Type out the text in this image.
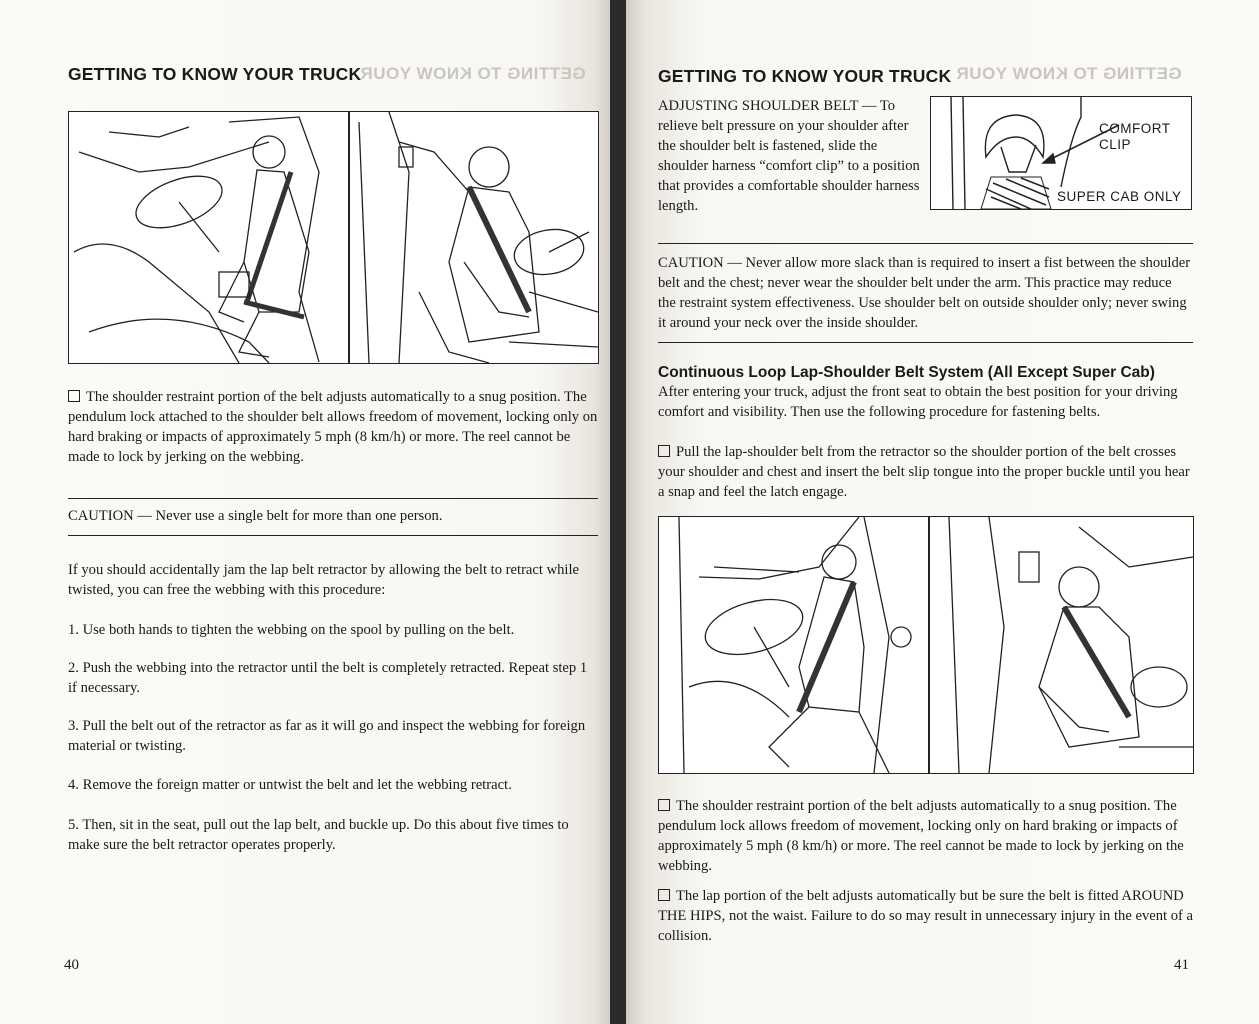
GETTING TO KNOW YOUR
GETTING TO KNOW YOUR TRUCK

The shoulder restraint portion of the belt adjusts automatically to a snug position. The pendulum lock attached to the shoulder belt allows freedom of movement, locking only on hard braking or impacts of approximately 5 mph (8 km/h) or more. The reel cannot be made to lock by jerking on the webbing.

CAUTION — Never use a single belt for more than one person.

If you should accidentally jam the lap belt retractor by allowing the belt to retract while twisted, you can free the webbing with this procedure:

1. Use both hands to tighten the webbing on the spool by pulling on the belt.

2. Push the webbing into the retractor until the belt is completely retracted. Repeat step 1 if necessary.

3. Pull the belt out of the retractor as far as it will go and inspect the webbing for foreign material or twisting.

4. Remove the foreign matter or untwist the belt and let the webbing retract.

5. Then, sit in the seat, pull out the lap belt, and buckle up. Do this about five times to make sure the belt retractor operates properly.

40
GETTING TO KNOW YOUR
GETTING TO KNOW YOUR TRUCK

ADJUSTING SHOULDER BELT — To relieve belt pressure on your shoulder after the shoulder belt is fastened, slide the shoulder harness “comfort clip” to a position that provides a comfortable shoulder harness length.

COMFORT
CLIP
SUPER CAB ONLY

CAUTION — Never allow more slack than is required to insert a fist between the shoulder belt and the chest; never wear the shoulder belt under the arm. This practice may reduce the restraint system effectiveness. Use shoulder belt on outside shoulder only; never swing it around your neck over the inside shoulder.

Continuous Loop Lap-Shoulder Belt System (All Except Super Cab)

After entering your truck, adjust the front seat to obtain the best position for your driving comfort and visibility. Then use the following procedure for fastening belts.

Pull the lap-shoulder belt from the retractor so the shoulder portion of the belt crosses your shoulder and chest and insert the belt slip tongue into the proper buckle until you hear a snap and feel the latch engage.

The shoulder restraint portion of the belt adjusts automatically to a snug position. The pendulum lock allows freedom of movement, locking only on hard braking or impacts of approximately 5 mph (8 km/h) or more. The reel cannot be made to lock by jerking on the webbing.

The lap portion of the belt adjusts automatically but be sure the belt is fitted AROUND THE HIPS, not the waist. Failure to do so may result in unnecessary injury in the event of a collision.

41
